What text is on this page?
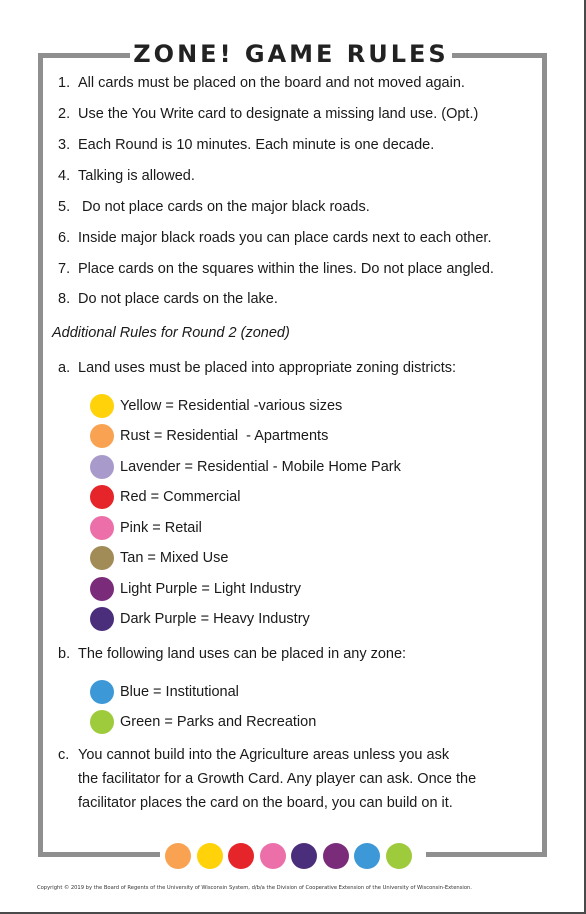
ZONE! GAME RULES
1. All cards must be placed on the board and not moved again.
2. Use the You Write card to designate a missing land use. (Opt.)
3. Each Round is 10 minutes. Each minute is one decade.
4. Talking is allowed.
5. Do not place cards on the major black roads.
6. Inside major black roads you can place cards next to each other.
7. Place cards on the squares within the lines. Do not place angled.
8. Do not place cards on the lake.
Additional Rules for Round 2 (zoned)
a. Land uses must be placed into appropriate zoning districts:
Yellow = Residential -various sizes
Rust = Residential  - Apartments
Lavender = Residential - Mobile Home Park
Red = Commercial
Pink = Retail
Tan = Mixed Use
Light Purple = Light Industry
Dark Purple = Heavy Industry
b. The following land uses can be placed in any zone:
Blue = Institutional
Green = Parks and Recreation
c. You cannot build into the Agriculture areas unless you ask
the facilitator for a Growth Card. Any player can ask. Once the
facilitator places the card on the board, you can build on it.
Copyright © 2019 by the Board of Regents of the University of Wisconsin System, d/b/a the Division of Cooperative Extension of the University of Wisconsin-Extension.
